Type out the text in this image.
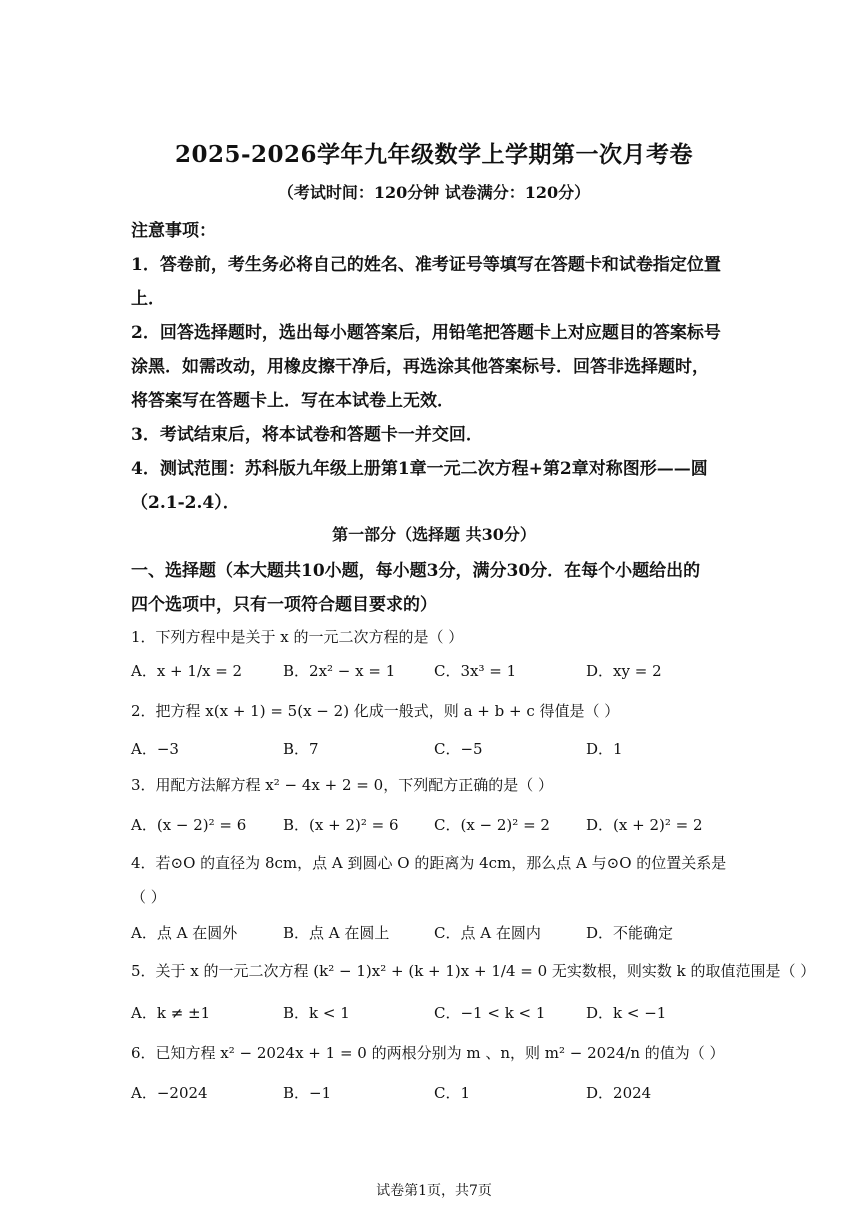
2025-2026学年九年级数学上学期第一次月考卷
（考试时间：120分钟 试卷满分：120分）
注意事项：
1．答卷前，考生务必将自己的姓名、准考证号等填写在答题卡和试卷指定位置
上．
2．回答选择题时，选出每小题答案后，用铅笔把答题卡上对应题目的答案标号
涂黑．如需改动，用橡皮擦干净后，再选涂其他答案标号．回答非选择题时，
将答案写在答题卡上．写在本试卷上无效．
3．考试结束后，将本试卷和答题卡一并交回．
4．测试范围：苏科版九年级上册第1章一元二次方程+第2章对称图形——圆
（2.1-2.4）．
第一部分（选择题 共30分）
一、选择题（本大题共10小题，每小题3分，满分30分．在每个小题给出的
四个选项中，只有一项符合题目要求的）
1．下列方程中是关于 x 的一元二次方程的是（ ）
A．x + 1/x = 2	B．2x² − x = 1	C．3x³ = 1	D．xy = 2
2．把方程 x(x + 1) = 5(x − 2) 化成一般式，则 a + b + c 得值是（ ）
A．−3	B．7	C．−5	D．1
3．用配方法解方程 x² − 4x + 2 = 0，下列配方正确的是（ ）
A．(x − 2)² = 6 B．(x + 2)² = 6 C．(x − 2)² = 2 D．(x + 2)² = 2
4．若⊙O 的直径为 8cm，点 A 到圆心 O 的距离为 4cm，那么点 A 与⊙O 的位置关系是
（ ）
A．点 A 在圆外	B．点 A 在圆上	C．点 A 在圆内	D．不能确定
5．关于 x 的一元二次方程 (k² − 1)x² + (k + 1)x + 1/4 = 0 无实数根，则实数 k 的取值范围是（ ）
A．k ≠ ±1	B．k < 1	C．−1 < k < 1	D．k < −1
6．已知方程 x² − 2024x + 1 = 0 的两根分别为 m 、n，则 m² − 2024/n 的值为（ ）
A．−2024	B．−1	C．1	D．2024
试卷第1页，共7页
